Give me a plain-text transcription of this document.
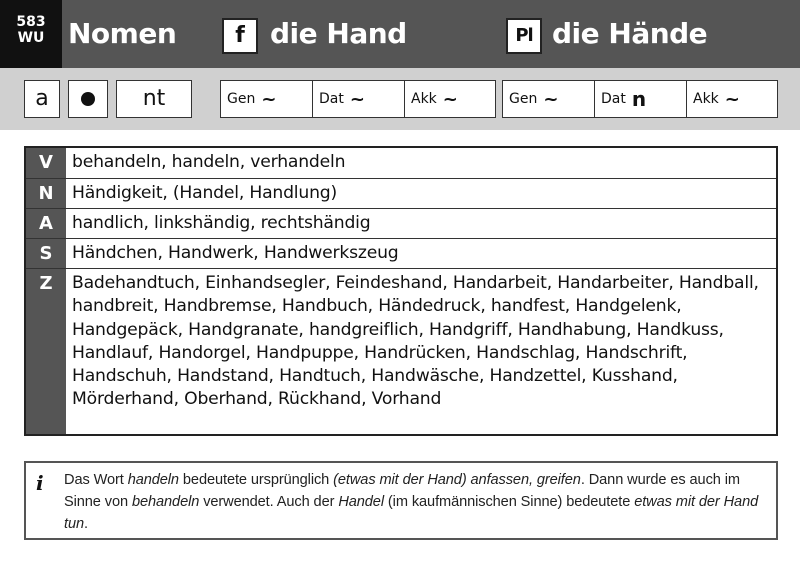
583
WU Nomen	f die Hand	Pl die Hände
a	nt	Gen ~	Dat ~	Akk ~	Gen ~	Dat n	Akk ~
V	behandeln, handeln, verhandeln
N	Händigkeit, (Handel, Handlung)
A	handlich, linkshändig, rechtshändig
S	Händchen, Handwerk, Handwerkszeug
Z	Badehandtuch, Einhandsegler, Feindeshand, Handarbeit, Handarbeiter, Handball, handbreit, Handbremse, Handbuch, Händedruck, handfest, Handgelenk, Handgepäck, Handgranate, handgreiflich, Handgriff, Handhabung, Handkuss, Handlauf, Handorgel, Handpuppe, Handrücken, Handschlag, Handschrift, Handschuh, Handstand, Handtuch, Handwäsche, Handzettel, Kusshand, Mörderhand, Oberhand, Rückhand, Vorhand
i	Das Wort handeln bedeutete ursprünglich (etwas mit der Hand) anfassen, greifen. Dann wurde es auch im Sinne von behandeln verwendet. Auch der Handel (im kaufmännischen Sinne) bedeutete etwas mit der Hand tun.
